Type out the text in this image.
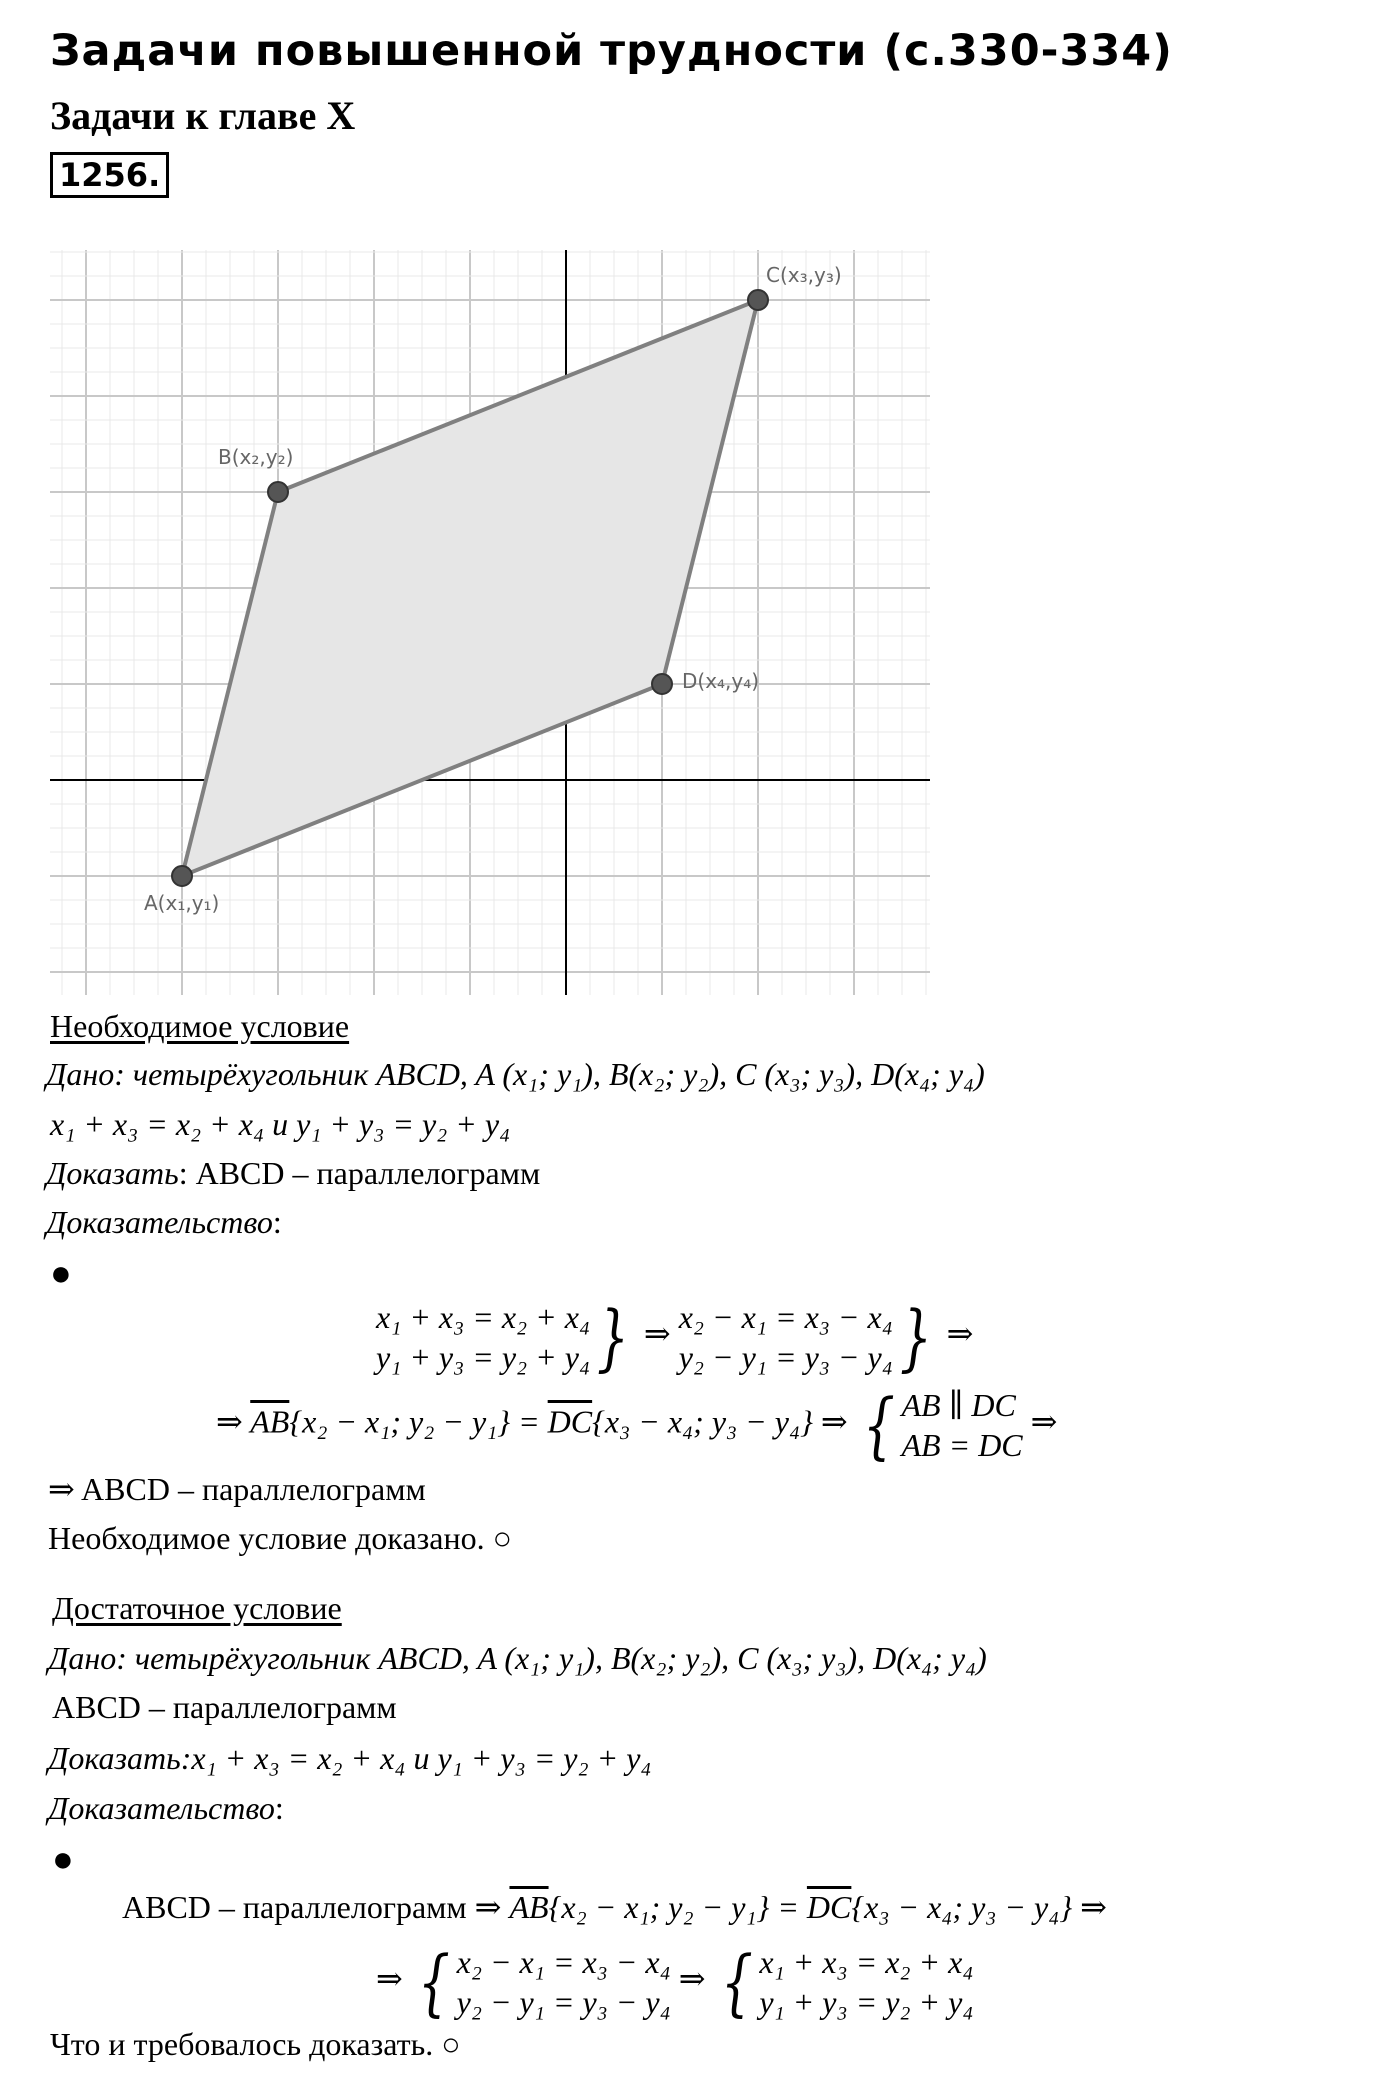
Задачи повышенной трудности (с.330-334)
Задачи к главе X
1256.
A(x₁,y₁)
B(x₂,y₂)
C(x₃,y₃)
D(x₄,y₄)
Необходимое условие
Дано: четырёхугольник ABCD, A (x₁; y₁), B(x₂; y₂), C (x₃; y₃), D(x₄; y₄)
x₁ + x₃ = x₂ + x₄ и y₁ + y₃ = y₂ + y₄
Доказать: ABCD – параллелограмм
Доказательство:
●
x₁ + x₃ = x₂ + x₄
y₁ + y₃ = y₂ + y₄ } ⇒ x₂ − x₁ = x₃ − x₄
y₂ − y₁ = y₃ − y₄ } ⇒
⇒ $\overline{AB}\{x_2 - x_1$; $y_2 - y_1\} = \overline{DC}\{x_3 - x_4$; y₃ − y₄} ⇒ { AB ∥ DC
AB = DC
⇒
⇒ ABCD – параллелограмм
Необходимое условие доказано. ○
Достаточное условие
Дано: четырёхугольник ABCD, A (x₁; y₁), B(x₂; y₂), C (x₃; y₃), D(x₄; y₄)
ABCD – параллелограмм
Доказать:x₁ + x₃ = x₂ + x₄ и y₁ + y₃ = y₂ + y₄
Доказательство:
●
ABCD – параллелограмм ⇒ $\overline{AB}\{x_2 - x_1$; $y_2 - y_1\} = \overline{DC}\{x_3 - x_4$; y₃ − y₄} ⇒
⇒ { x₂ − x₁ = x₃ − x₄
y₂ − y₁ = y₃ − y₄
⇒ { x₁ + x₃ = x₂ + x₄
y₁ + y₃ = y₂ + y₄
Что и требовалось доказать. ○
